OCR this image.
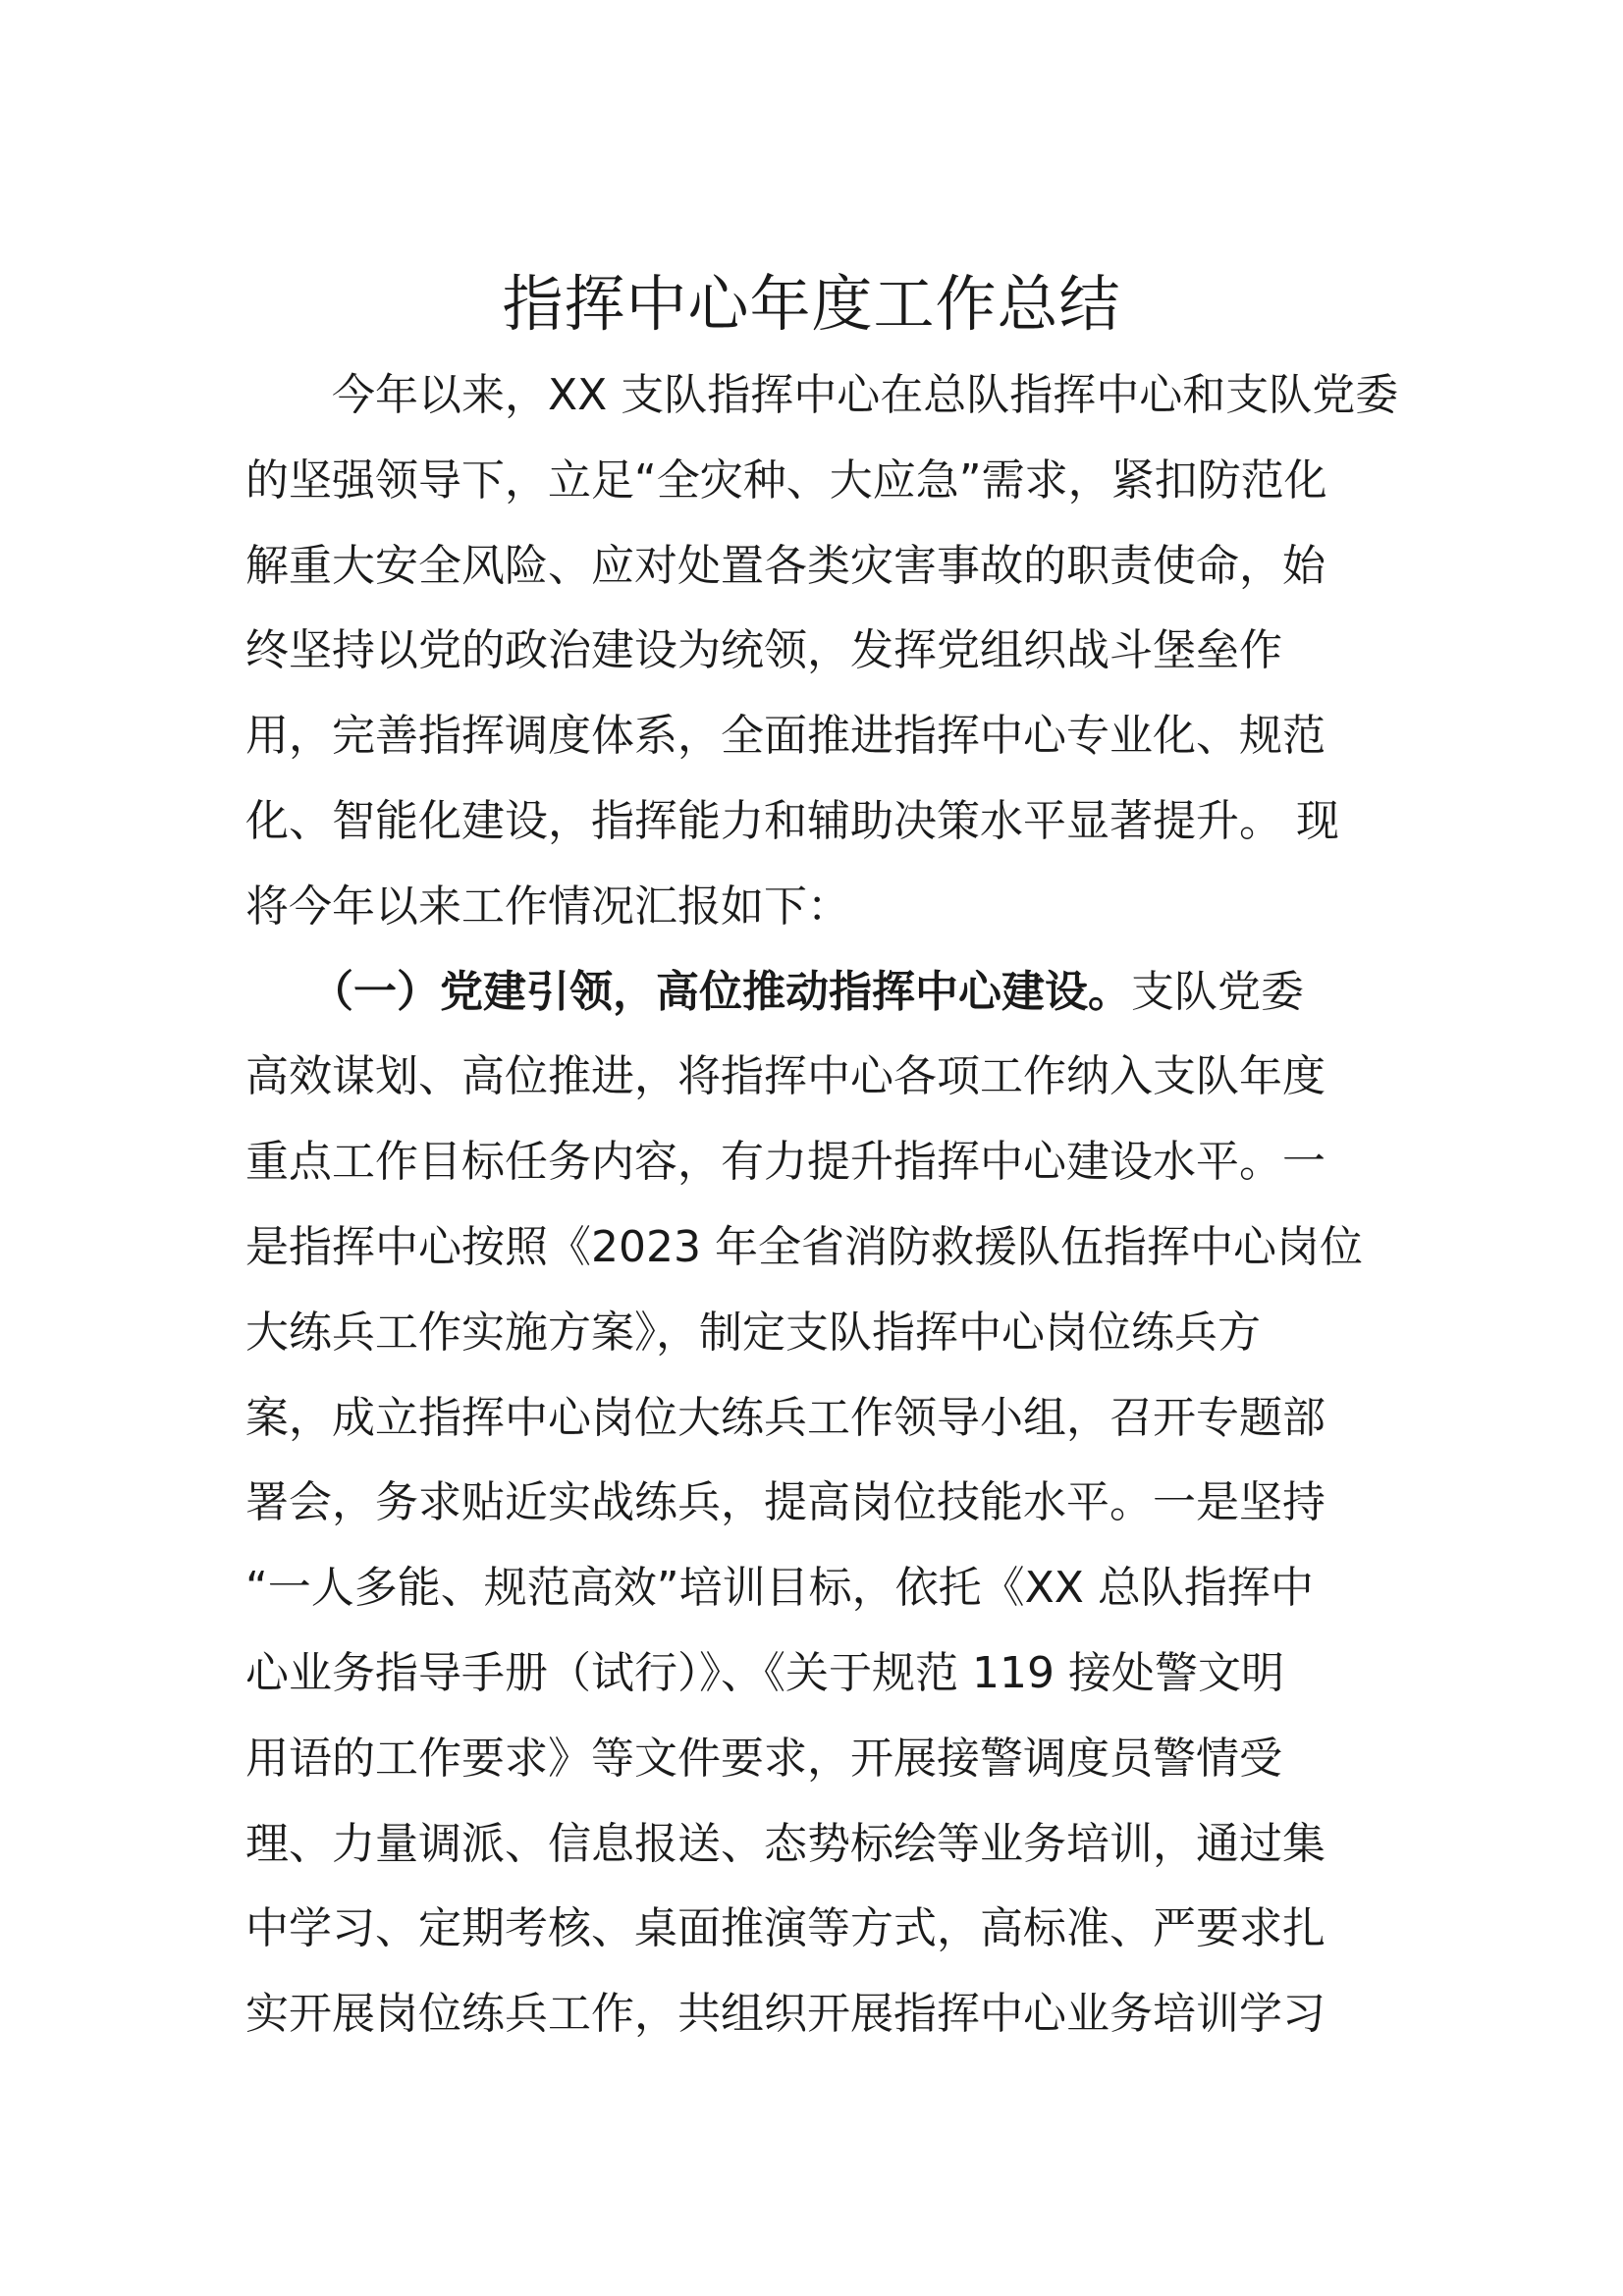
指挥中心年度工作总结
　　今年以来，XX 支队指挥中心在总队指挥中心和支队党委
的坚强领导下，立足“全灾种、大应急”需求，紧扣防范化
解重大安全风险、应对处置各类灾害事故的职责使命，始
终坚持以党的政治建设为统领，发挥党组织战斗堡垒作
用，完善指挥调度体系，全面推进指挥中心专业化、规范
化、智能化建设，指挥能力和辅助决策水平显著提升。 现
将今年以来工作情况汇报如下：
　　（一）党建引领，高位推动指挥中心建设。支队党委
高效谋划、高位推进，将指挥中心各项工作纳入支队年度
重点工作目标任务内容，有力提升指挥中心建设水平。一
是指挥中心按照《2023 年全省消防救援队伍指挥中心岗位
大练兵工作实施方案》，制定支队指挥中心岗位练兵方
案，成立指挥中心岗位大练兵工作领导小组，召开专题部
署会，务求贴近实战练兵，提高岗位技能水平。一是坚持
“一人多能、规范高效”培训目标，依托《XX 总队指挥中
心业务指导手册（试行）》、《关于规范 119 接处警文明
用语的工作要求》等文件要求，开展接警调度员警情受
理、力量调派、信息报送、态势标绘等业务培训，通过集
中学习、定期考核、桌面推演等方式，高标准、严要求扎
实开展岗位练兵工作，共组织开展指挥中心业务培训学习
